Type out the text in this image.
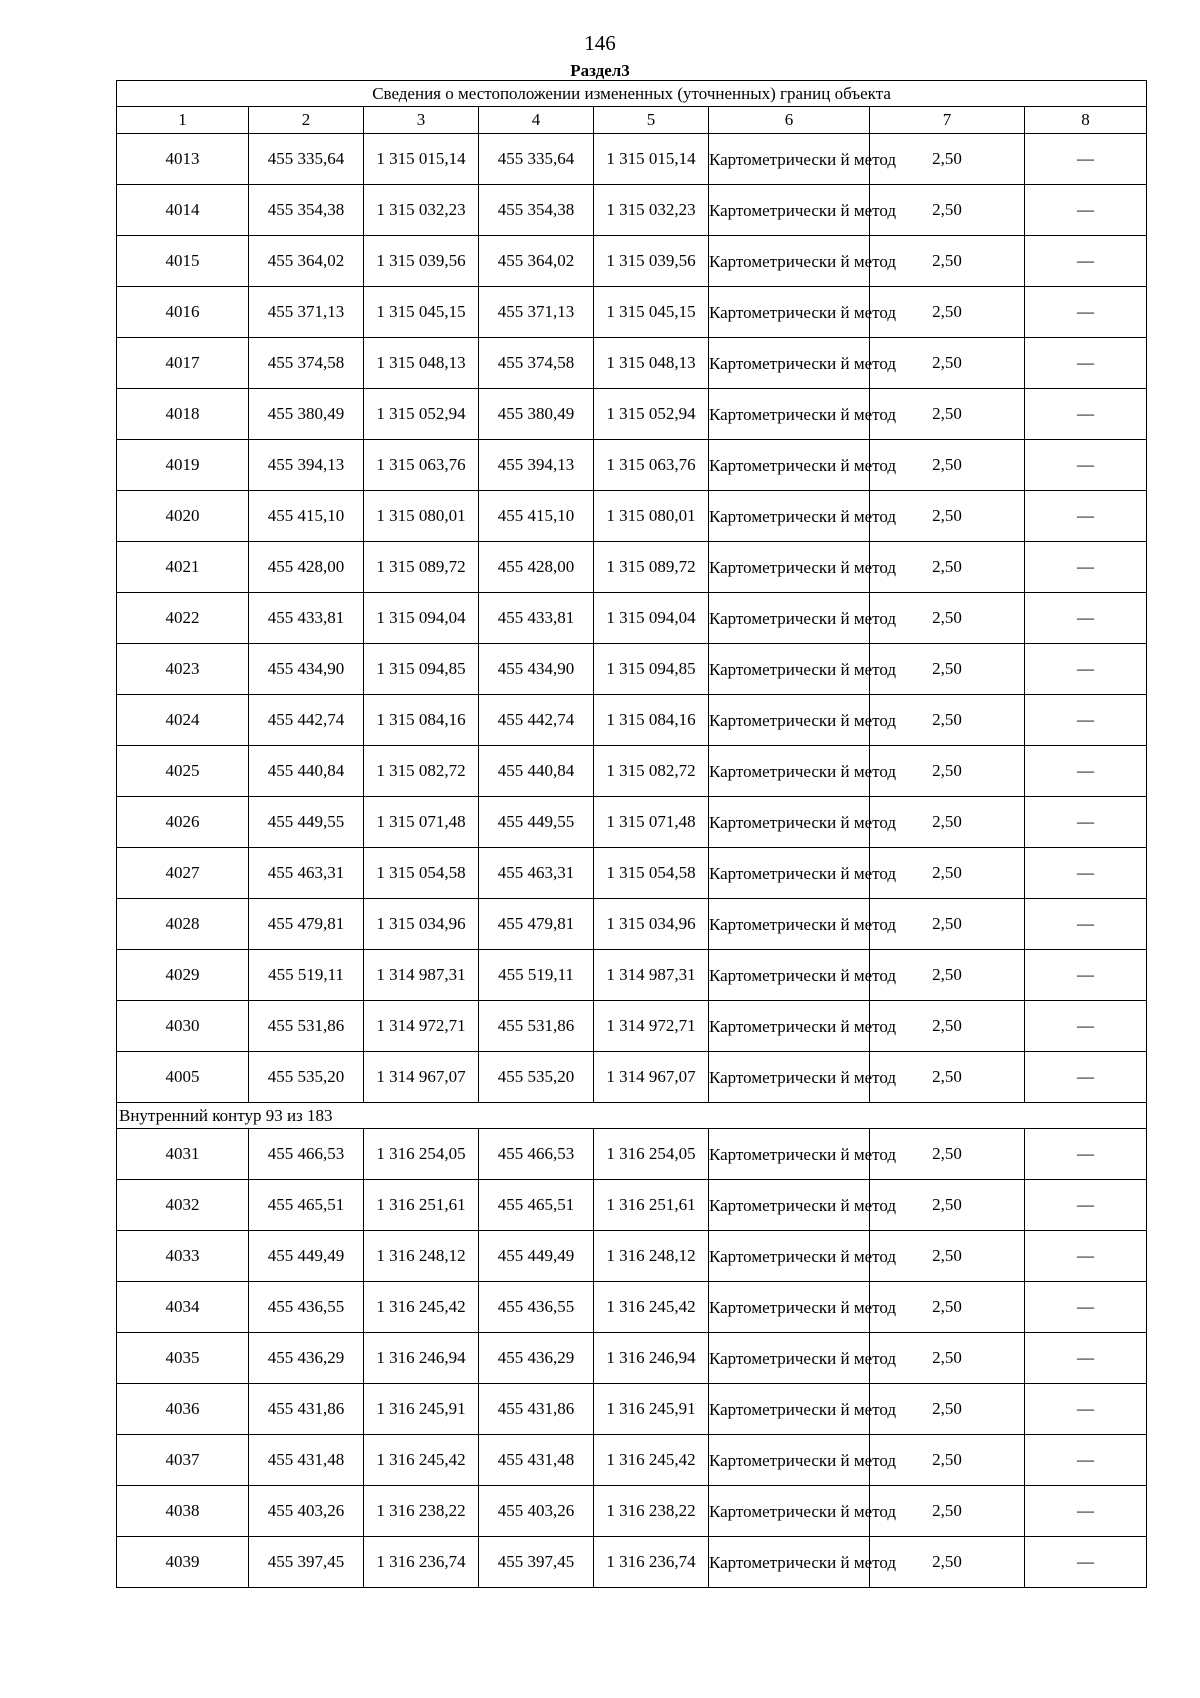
146
Раздел3
Сведения о местоположении измененных (уточненных) границ объекта							
1	2	3	4	5	6	7	8
4013	455 335,64	1 315 015,14	455 335,64	1 315 015,14	Картометрически й метод	2,50	—
4014	455 354,38	1 315 032,23	455 354,38	1 315 032,23	Картометрически й метод	2,50	—
4015	455 364,02	1 315 039,56	455 364,02	1 315 039,56	Картометрически й метод	2,50	—
4016	455 371,13	1 315 045,15	455 371,13	1 315 045,15	Картометрически й метод	2,50	—
4017	455 374,58	1 315 048,13	455 374,58	1 315 048,13	Картометрически й метод	2,50	—
4018	455 380,49	1 315 052,94	455 380,49	1 315 052,94	Картометрически й метод	2,50	—
4019	455 394,13	1 315 063,76	455 394,13	1 315 063,76	Картометрически й метод	2,50	—
4020	455 415,10	1 315 080,01	455 415,10	1 315 080,01	Картометрически й метод	2,50	—
4021	455 428,00	1 315 089,72	455 428,00	1 315 089,72	Картометрически й метод	2,50	—
4022	455 433,81	1 315 094,04	455 433,81	1 315 094,04	Картометрически й метод	2,50	—
4023	455 434,90	1 315 094,85	455 434,90	1 315 094,85	Картометрически й метод	2,50	—
4024	455 442,74	1 315 084,16	455 442,74	1 315 084,16	Картометрически й метод	2,50	—
4025	455 440,84	1 315 082,72	455 440,84	1 315 082,72	Картометрически й метод	2,50	—
4026	455 449,55	1 315 071,48	455 449,55	1 315 071,48	Картометрически й метод	2,50	—
4027	455 463,31	1 315 054,58	455 463,31	1 315 054,58	Картометрически й метод	2,50	—
4028	455 479,81	1 315 034,96	455 479,81	1 315 034,96	Картометрически й метод	2,50	—
4029	455 519,11	1 314 987,31	455 519,11	1 314 987,31	Картометрически й метод	2,50	—
4030	455 531,86	1 314 972,71	455 531,86	1 314 972,71	Картометрически й метод	2,50	—
4005	455 535,20	1 314 967,07	455 535,20	1 314 967,07	Картометрически й метод	2,50	—
Внутренний контур 93 из 183							
4031	455 466,53	1 316 254,05	455 466,53	1 316 254,05	Картометрически й метод	2,50	—
4032	455 465,51	1 316 251,61	455 465,51	1 316 251,61	Картометрически й метод	2,50	—
4033	455 449,49	1 316 248,12	455 449,49	1 316 248,12	Картометрически й метод	2,50	—
4034	455 436,55	1 316 245,42	455 436,55	1 316 245,42	Картометрически й метод	2,50	—
4035	455 436,29	1 316 246,94	455 436,29	1 316 246,94	Картометрически й метод	2,50	—
4036	455 431,86	1 316 245,91	455 431,86	1 316 245,91	Картометрически й метод	2,50	—
4037	455 431,48	1 316 245,42	455 431,48	1 316 245,42	Картометрически й метод	2,50	—
4038	455 403,26	1 316 238,22	455 403,26	1 316 238,22	Картометрически й метод	2,50	—
4039	455 397,45	1 316 236,74	455 397,45	1 316 236,74	Картометрически й метод	2,50	—
